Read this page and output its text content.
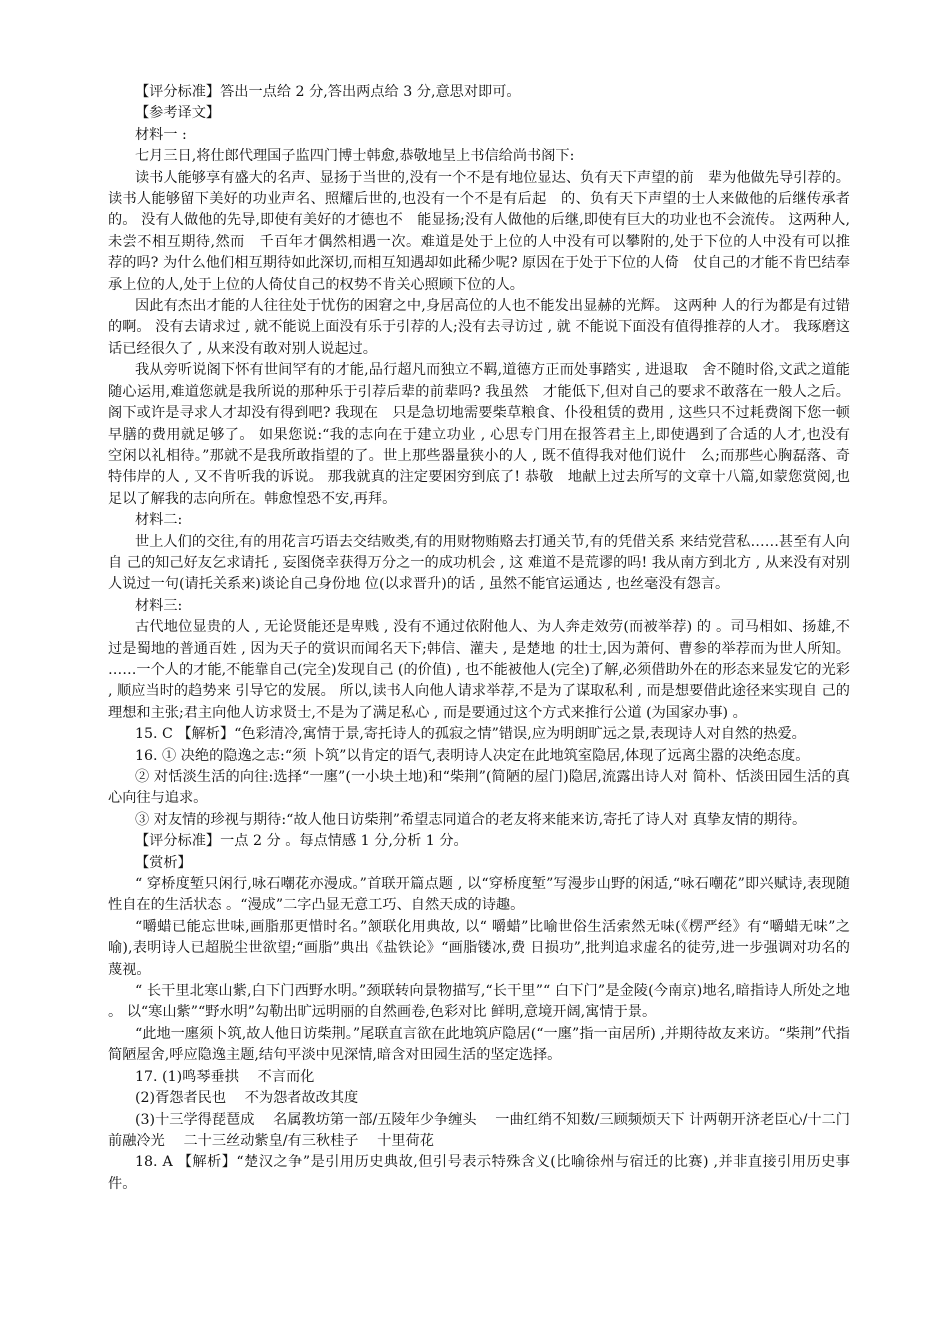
【评分标准】答出一点给 2 分,答出两点给 3 分,意思对即可。

【参考译文】

材料一 :

七月三日,将仕郎代理国子监四门博士韩愈,恭敬地呈上书信给尚书阁下:

读书人能够享有盛大的名声、显扬于当世的,没有一个不是有地位显达、负有天下声望的前　辈为他做先导引荐的。读书人能够留下美好的功业声名、照耀后世的,也没有一个不是有后起　的、负有天下声望的士人来做他的后继传承者的。 没有人做他的先导,即使有美好的才德也不　能显扬;没有人做他的后继,即使有巨大的功业也不会流传。 这两种人,未尝不相互期待,然而　千百年才偶然相遇一次。难道是处于上位的人中没有可以攀附的,处于下位的人中没有可以推　荐的吗? 为什么他们相互期待如此深切,而相互知遇却如此稀少呢? 原因在于处于下位的人倚　仗自己的才能不肯巴结奉承上位的人,处于上位的人倚仗自己的权势不肯关心照顾下位的人。

因此有杰出才能的人往往处于忧伤的困窘之中,身居高位的人也不能发出显赫的光辉。 这两种 人的行为都是有过错的啊。 没有去请求过 , 就不能说上面没有乐于引荐的人;没有去寻访过 , 就 不能说下面没有值得推荐的人才。 我琢磨这话已经很久了 , 从来没有敢对别人说起过。

我从旁听说阁下怀有世间罕有的才能,品行超凡而独立不羁,道德方正而处事踏实 , 进退取　舍不随时俗,文武之道能随心运用,难道您就是我所说的那种乐于引荐后辈的前辈吗? 我虽然　才能低下,但对自己的要求不敢落在一般人之后。 阁下或许是寻求人才却没有得到吧? 我现在　只是急切地需要柴草粮食、仆役租赁的费用 , 这些只不过耗费阁下您一顿早膳的费用就足够了。 如果您说:“我的志向在于建立功业 , 心思专门用在报答君主上,即使遇到了合适的人才,也没有　空闲以礼相待。”那就不是我所敢指望的了。世上那些器量狭小的人 , 既不值得我对他们说什　么;而那些心胸磊落、奇特伟岸的人 , 又不肯听我的诉说。 那我就真的注定要困穷到底了! 恭敬　地献上过去所写的文章十八篇,如蒙您赏阅,也足以了解我的志向所在。韩愈惶恐不安,再拜。

材料二:

世上人们的交往,有的用花言巧语去交结败类,有的用财物贿赂去打通关节,有的凭借关系 来结党营私……甚至有人向自 己的知己好友乞求请托 , 妄图侥幸获得万分之一的成功机会 , 这 难道不是荒谬的吗! 我从南方到北方 , 从来没有对别人说过一句(请托关系来)谈论自己身份地 位(以求晋升)的话 , 虽然不能官运通达 , 也丝毫没有怨言。

材料三:

古代地位显贵的人 , 无论贤能还是卑贱 , 没有不通过依附他人、为人奔走效劳(而被举荐) 的 。司马相如、扬雄,不过是蜀地的普通百姓 , 因为天子的赏识而闻名天下;韩信、灌夫 , 是楚地 的壮士,因为萧何、曹参的举荐而为世人所知。 ……一个人的才能,不能靠自己(完全)发现自己 (的价值) , 也不能被他人(完全)了解,必须借助外在的形态来显发它的光彩 , 顺应当时的趋势来 引导它的发展。 所以,读书人向他人请求举荐,不是为了谋取私利 , 而是想要借此途径来实现自 己的理想和主张;君主向他人访求贤士,不是为了满足私心 , 而是要通过这个方式来推行公道 (为国家办事) 。

15. C 【解析】“色彩清冷,寓情于景,寄托诗人的孤寂之情”错误,应为明朗旷远之景,表现诗人对自然的热爱。

16. ① 决绝的隐逸之志:“须 卜筑”以肯定的语气,表明诗人决定在此地筑室隐居,体现了远离尘嚣的决绝态度。

② 对恬淡生活的向往:选择“一廛”(一小块土地)和“柴荆”(简陋的屋门)隐居,流露出诗人对 简朴、恬淡田园生活的真心向往与追求。

③ 对友情的珍视与期待:“故人他日访柴荆”希望志同道合的老友将来能来访,寄托了诗人对 真挚友情的期待。

【评分标准】一点 2 分 。每点情感 1 分,分析 1 分。

【赏析】

“ 穿桥度堑只闲行,咏石嘲花亦漫成。”首联开篇点题 , 以“穿桥度堑”写漫步山野的闲适,“咏石嘲花”即兴赋诗,表现随性自在的生活状态 。“漫成”二字凸显无意工巧、自然天成的诗趣。

“嚼蜡已能忘世味,画脂那更惜时名。”颔联化用典故, 以“ 嚼蜡”比喻世俗生活索然无味(《楞严经》有“嚼蜡无味”之喻),表明诗人已超脱尘世欲望;“画脂”典出《盐铁论》“画脂镂冰,费 日损功”,批判追求虚名的徒劳,进一步强调对功名的蔑视。

“ 长干里北寒山紫,白下门西野水明。”颈联转向景物描写,“长干里”“ 白下门”是金陵(今南京)地名,暗指诗人所处之地 。 以“寒山紫”“野水明”勾勒出旷远明丽的自然画卷,色彩对比 鲜明,意境开阔,寓情于景。

“此地一廛须卜筑,故人他日访柴荆。”尾联直言欲在此地筑庐隐居(“一廛”指一亩居所) ,并期待故友来访。“柴荆”代指简陋屋舍,呼应隐逸主题,结句平淡中见深情,暗含对田园生活的坚定选择。

17. (1)鸣琴垂拱 　不言而化

(2)胥怨者民也 　不为怨者故改其度

(3)十三学得琵琶成 　名属教坊第一部/五陵年少争缠头 　一曲红绡不知数/三顾频烦天下 计两朝开济老臣心/十二门前融冷光 　二十三丝动紫皇/有三秋桂子 　十里荷花

18. A 【解析】“楚汉之争”是引用历史典故,但引号表示特殊含义(比喻徐州与宿迁的比赛) ,并非直接引用历史事件。
